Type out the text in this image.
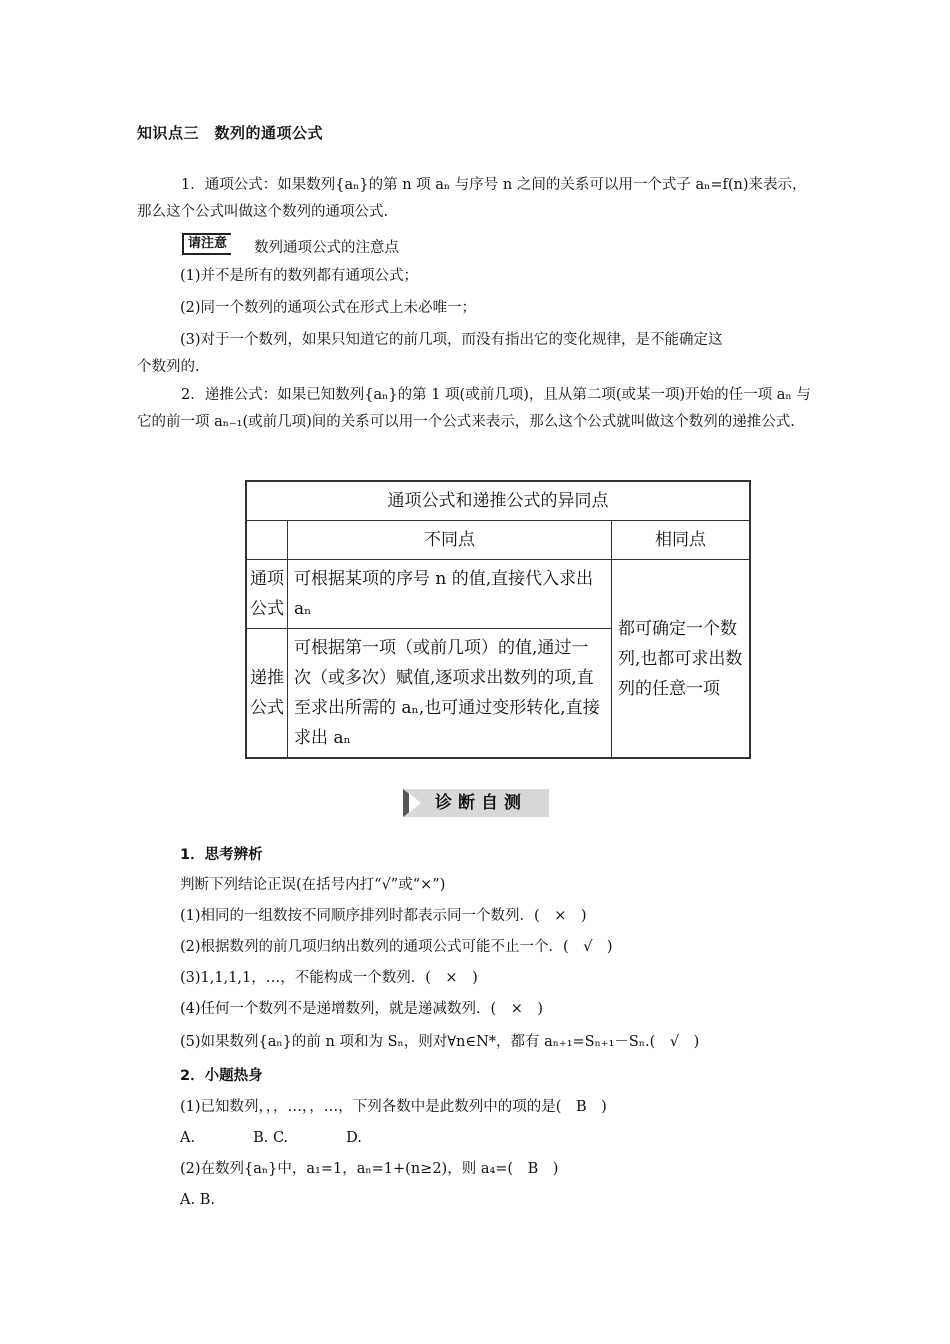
知识点三　数列的通项公式
1．通项公式：如果数列{aₙ}的第 n 项 aₙ 与序号 n 之间的关系可以用一个式子 aₙ=f(n)来表示，那么这个公式叫做这个数列的通项公式.
请注意 数列通项公式的注意点
(1)并不是所有的数列都有通项公式；
(2)同一个数列的通项公式在形式上未必唯一；
(3)对于一个数列，如果只知道它的前几项，而没有指出它的变化规律，是不能确定这
个数列的.
2．递推公式：如果已知数列{aₙ}的第 1 项(或前几项)，且从第二项(或某一项)开始的任一项 aₙ 与它的前一项 aₙ₋₁(或前几项)间的关系可以用一个公式来表示，那么这个公式就叫做这个数列的递推公式.
通项公式和递推公式的异同点		
	不同点	相同点
通项公式	可根据某项的序号 n 的值,直接代入求出 aₙ	都可确定一个数列,也都可求出数列的任意一项
递推公式	可根据第一项（或前几项）的值,通过一次（或多次）赋值,逐项求出数列的项,直至求出所需的 aₙ,也可通过变形转化,直接求出 aₙ	
诊断自测
1．思考辨析
判断下列结论正误(在括号内打“√”或“×”)
(1)相同的一组数按不同顺序排列时都表示同一个数列．(　×　)
(2)根据数列的前几项归纳出数列的通项公式可能不止一个．(　√　)
(3)1,1,1,1，…，不能构成一个数列．(　×　)
(4)任何一个数列不是递增数列，就是递减数列．(　×　)
(5)如果数列{aₙ}的前 n 项和为 Sₙ，则对∀n∈N*，都有 aₙ₊₁=Sₙ₊₁－Sₙ.(　√　)
2．小题热身
(1)已知数列，，，…，，…，下列各数中是此数列中的项的是(　B　)
A.　　　　B. C.　　　　D.
(2)在数列{aₙ}中，a₁=1，aₙ=1+(n≥2)，则 a₄=(　B　)
A. B.
